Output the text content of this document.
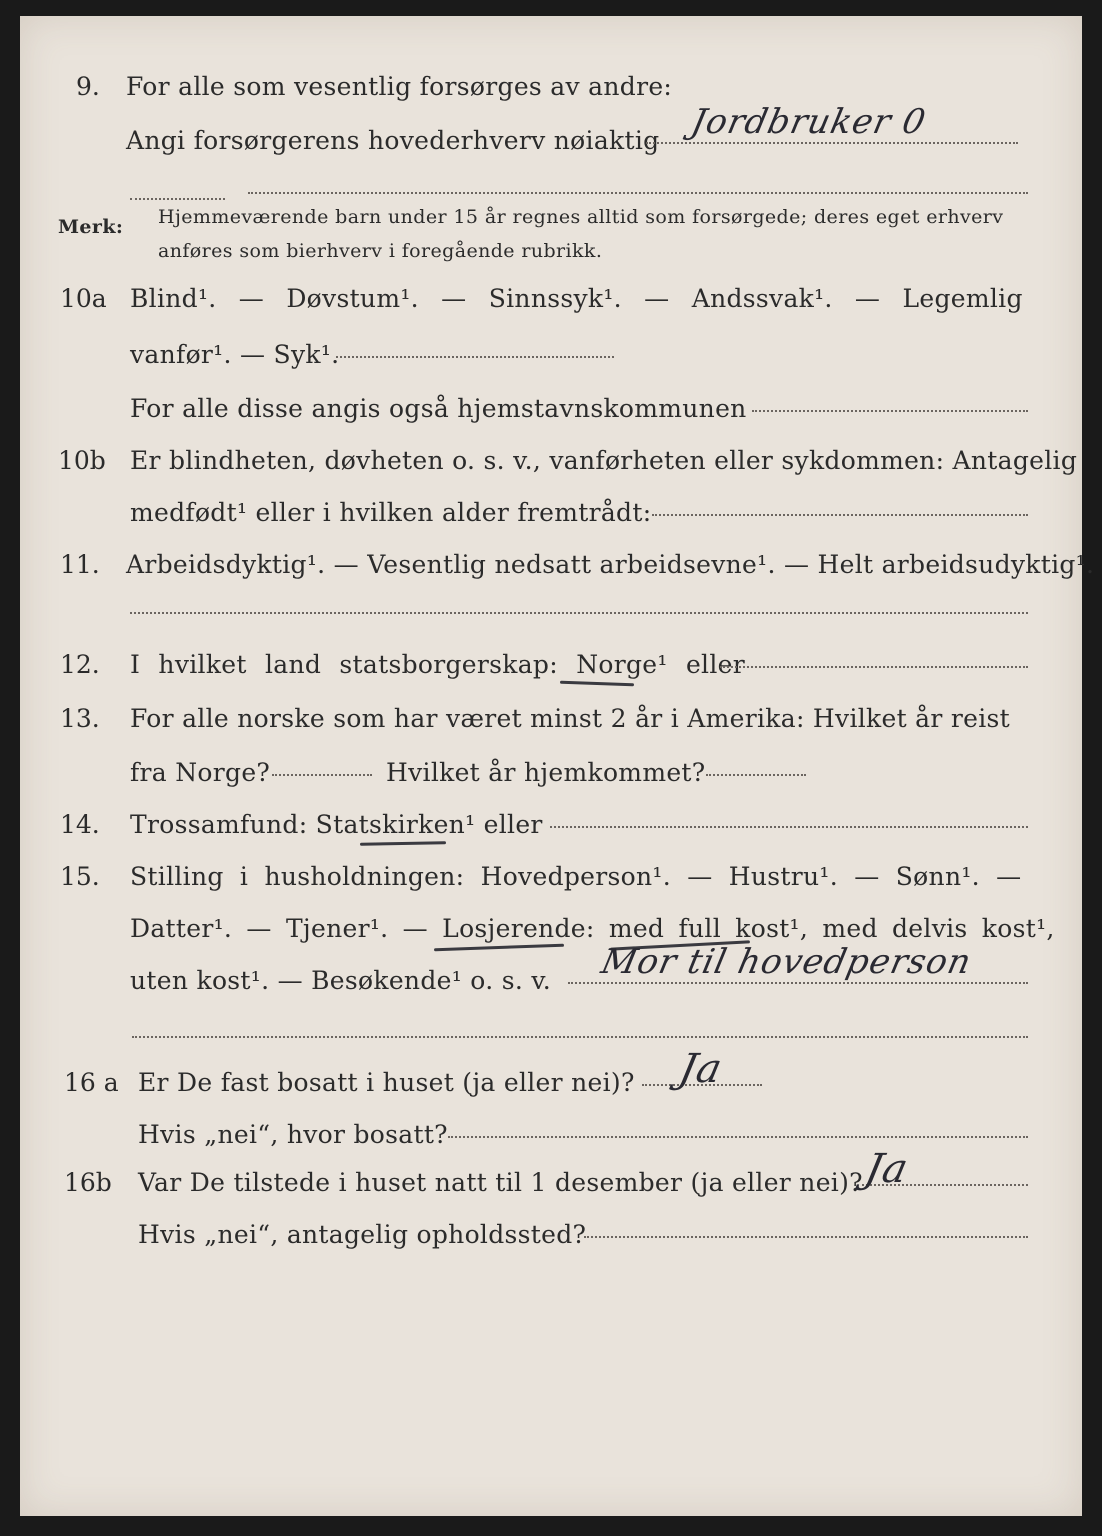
9. For alle som vesentlig forsørges av andre:
Angi forsørgerens hovederhverv nøiaktig Jordbruker 0
Merk: Hjemmeværende barn under 15 år regnes alltid som forsørgede; deres eget erhverv
anføres som bierhverv i foregående rubrikk.
10a Blind¹. — Døvstum¹. — Sinnssyk¹. — Andssvak¹. — Legemlig
vanfør¹. — Syk¹.
For alle disse angis også hjemstavnskommunen
10b Er blindheten, døvheten o. s. v., vanførheten eller sykdommen: Antagelig
medfødt¹ eller i hvilken alder fremtrådt:
11. Arbeidsdyktig¹. — Vesentlig nedsatt arbeidsevne¹. — Helt arbeidsudyktig¹.
12. I hvilket land statsborgerskap: Norge¹ eller
13. For alle norske som har været minst 2 år i Amerika: Hvilket år reist
fra Norge?	Hvilket år hjemkommet?
14. Trossamfund: Statskirken¹ eller
15. Stilling i husholdningen: Hovedperson¹. — Hustru¹. — Sønn¹. —
Datter¹. — Tjener¹. — Losjerende: med full kost¹, med delvis kost¹,
uten kost¹. — Besøkende¹ o. s. v. Mor til hovedperson
16 a Er De fast bosatt i huset (ja eller nei)? Ja
Hvis „nei“, hvor bosatt?
16b Var De tilstede i huset natt til 1 desember (ja eller nei)?
Ja
Hvis „nei“, antagelig opholdssted?
